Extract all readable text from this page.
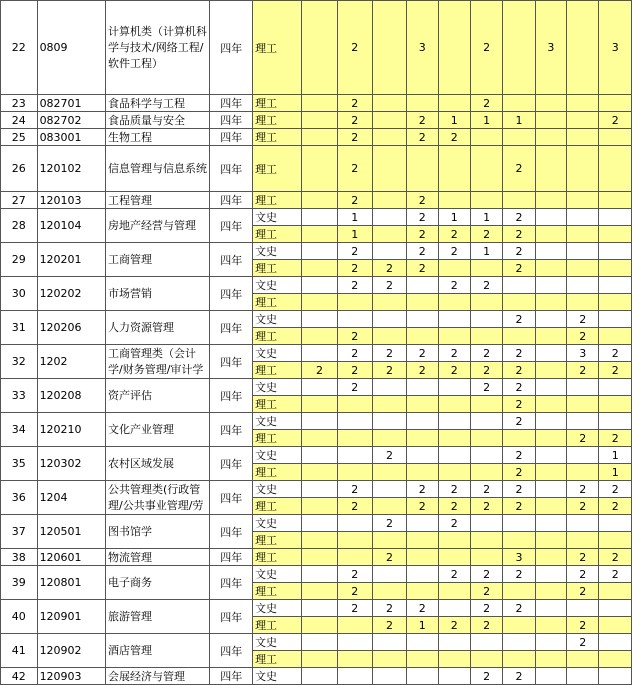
22	0809	计算机类（计算机科学与技术/网络工程/软件工程）	四年	理工		2		3		2		3		3
23	082701	食品科学与工程	四年	理工		2				2				
24	082702	食品质量与安全	四年	理工		2		2	1	1	1			2
25	083001	生物工程	四年	理工		2		2	2					
26	120102	信息管理与信息系统	四年	理工		2					2			
27	120103	工程管理	四年	理工		2		2						
28	120104	房地产经营与管理	四年	文史		1		2	1	1	2			
				理工		1		2	2	2	2			
29	120201	工商管理	四年	文史		2		2	2	1	2			
				理工		2	2	2			2			
30	120202	市场营销	四年	文史		2	2		2	2				
				理工										
31	120206	人力资源管理	四年	文史							2		2	
				理工		2							2	
32	1202	工商管理类（会计学/财务管理/审计学	四年	文史		2	2	2	2	2	2		3	2
				理工	2	2	2	2	2	2	2		2	2
33	120208	资产评估	四年	文史		2				2	2			
				理工							2			
34	120210	文化产业管理	四年	文史							2			
				理工									2	2
35	120302	农村区域发展	四年	文史			2				2			1
				理工							2			1
36	1204	公共管理类(行政管理/公共事业管理/劳	四年	文史		2		2	2	2	2		2	2
				理工		2		2	2	2	2		2	2
37	120501	图书馆学	四年	文史			2		2					
				理工										
38	120601	物流管理	四年	理工			2				3		2	2
39	120801	电子商务	四年	文史		2			2	2	2		2	2
				理工		2				2			2	
40	120901	旅游管理	四年	文史		2	2	2		2	2			
				理工			2	1	2	2			2	
41	120902	酒店管理	四年	文史									2	
				理工										
42	120903	会展经济与管理	四年	文史						2	2			
